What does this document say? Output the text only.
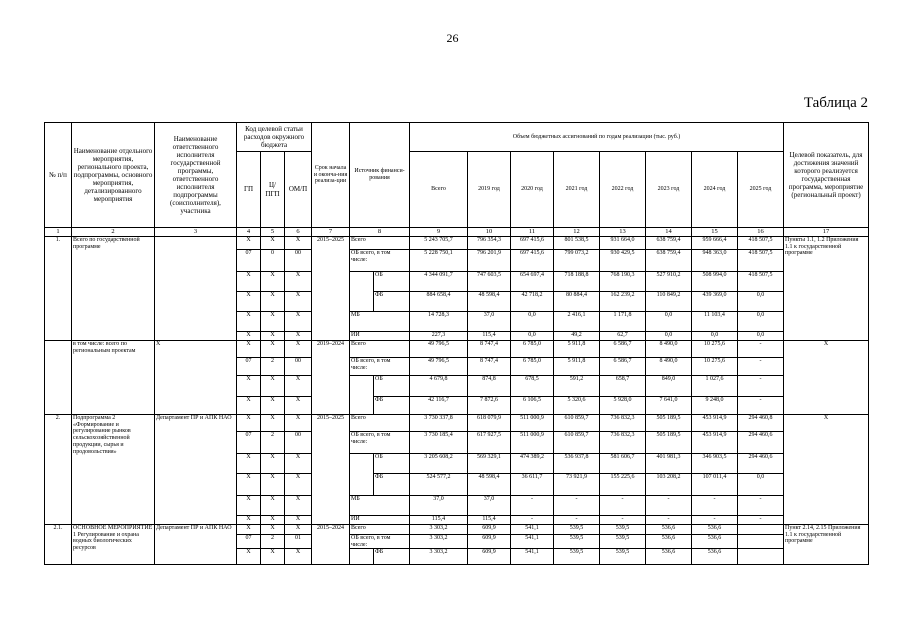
26
Таблица 2
№ п/п	Наименование отдельного мероприятия, регионального проекта, подпрограммы, основного мероприятия, детализированного мероприятия	Наименование ответственного исполнителя государственной программы, ответственного исполнителя подпрограммы (соисполнителя), участника	Код целевой статьи расходов окружного бюджета			Срок начала и оконча-ния реализа-ции	Источник финанси-рования		Объем бюджетных ассигнований по годам реализации (тыс. руб.)								Целевой показатель, для достижения значений которого реализуется государственная программа, мероприятие (региональный проект)
			ГП	Ц/ПГП	ОМ/П				Всего	2019 год	2020 год	2021 год	2022 год	2023 год	2024 год	2025 год	
1	2	3	4	5	6	7	8		9	10	11	12	13	14	15	16	17
1.	Всего по государственной программе		X	X	X	2015–2025	Всего		5 243 705,7	796 354,3	697 415,6	801 538,5	931 664,0	638 759,4	959 666,4	418 507,5	Пункты 1.1, 1.2 Приложения 1.1 к государственной программе
			07	0	00		ОБ всего, в том числе:		5 228 750,1	796 201,9	697 415,6	799 073,2	930 429,5	638 759,4	948 363,0	418 507,5	
			X	X	X			ОБ	4 344 091,7	747 603,5	654 697,4	718 188,8	768 190,3	527 910,2	508 994,0	418 507,5	
			X	X	X			ФБ	884 658,4	48 598,4	42 718,2	80 884,4	162 239,2	110 849,2	439 369,0	0,0	
			X	X	X		МБ		14 728,3	37,0	0,0	2 416,1	1 171,8	0,0	11 103,4	0,0	
			X	X	X		ИИ		227,3	115,4	0,0	49,2	62,7	0,0	0,0	0,0	
	в том числе: всего по региональным проектам	X	X	X	X	2019–2024	Всего		49 796,5	8 747,4	6 785,0	5 911,8	6 586,7	8 490,0	10 275,6	-	X
			07	2	00		ОБ всего, в том числе:		49 796,5	8 747,4	6 785,0	5 911,8	6 586,7	8 490,0	10 275,6	-	
			X	X	X			ОБ	4 679,8	874,8	678,5	591,2	658,7	849,0	1 027,6	-	
			X	X	X			ФБ	42 116,7	7 872,6	6 106,5	5 320,6	5 928,0	7 641,0	9 248,0	-	
2.	Подпрограмма 2 «Формирование и регулирование рынков сельскохозяйственной продукции, сырья и продовольствия»	Департамент ПР и АПК НАО	X	X	X	2015–2025	Всего		3 730 337,8	618 079,9	511 000,9	610 859,7	736 832,3	505 189,5	453 914,9	294 460,8	X
			07	2	00		ОБ всего, в том числе:		3 730 185,4	617 927,5	511 000,9	610 859,7	736 832,3	505 189,5	453 914,9	294 460,6	
			X	X	X			ОБ	3 205 608,2	569 329,1	474 389,2	536 937,8	581 606,7	401 981,3	346 903,5	294 460,6	
			X	X	X			ФБ	524 577,2	48 598,4	36 611,7	73 921,9	155 225,6	103 208,2	107 011,4	0,0	
			X	X	X		МБ		37,0	37,0	-	-	-	-	-	-	
			X	X	X		ИИ		115,4	115,4	-	-	-	-	-	-	
2.1.	ОСНОВНОЕ МЕРОПРИЯТИЕ 1 Регулирование и охрана водных биологических ресурсов	Департамент ПР и АПК НАО	X	X	X	2015–2024	Всего		3 303,2	609,9	541,1	539,5	539,5	536,6	536,6		Пункт 2.14, 2.15 Приложения 1.1 к государственной программе
			07	2	01		ОБ всего, в том числе:		3 303,2	609,9	541,1	539,5	539,5	536,6	536,6		
			X	X	X			ФБ	3 303,2	609,9	541,1	539,5	539,5	536,6	536,6		
